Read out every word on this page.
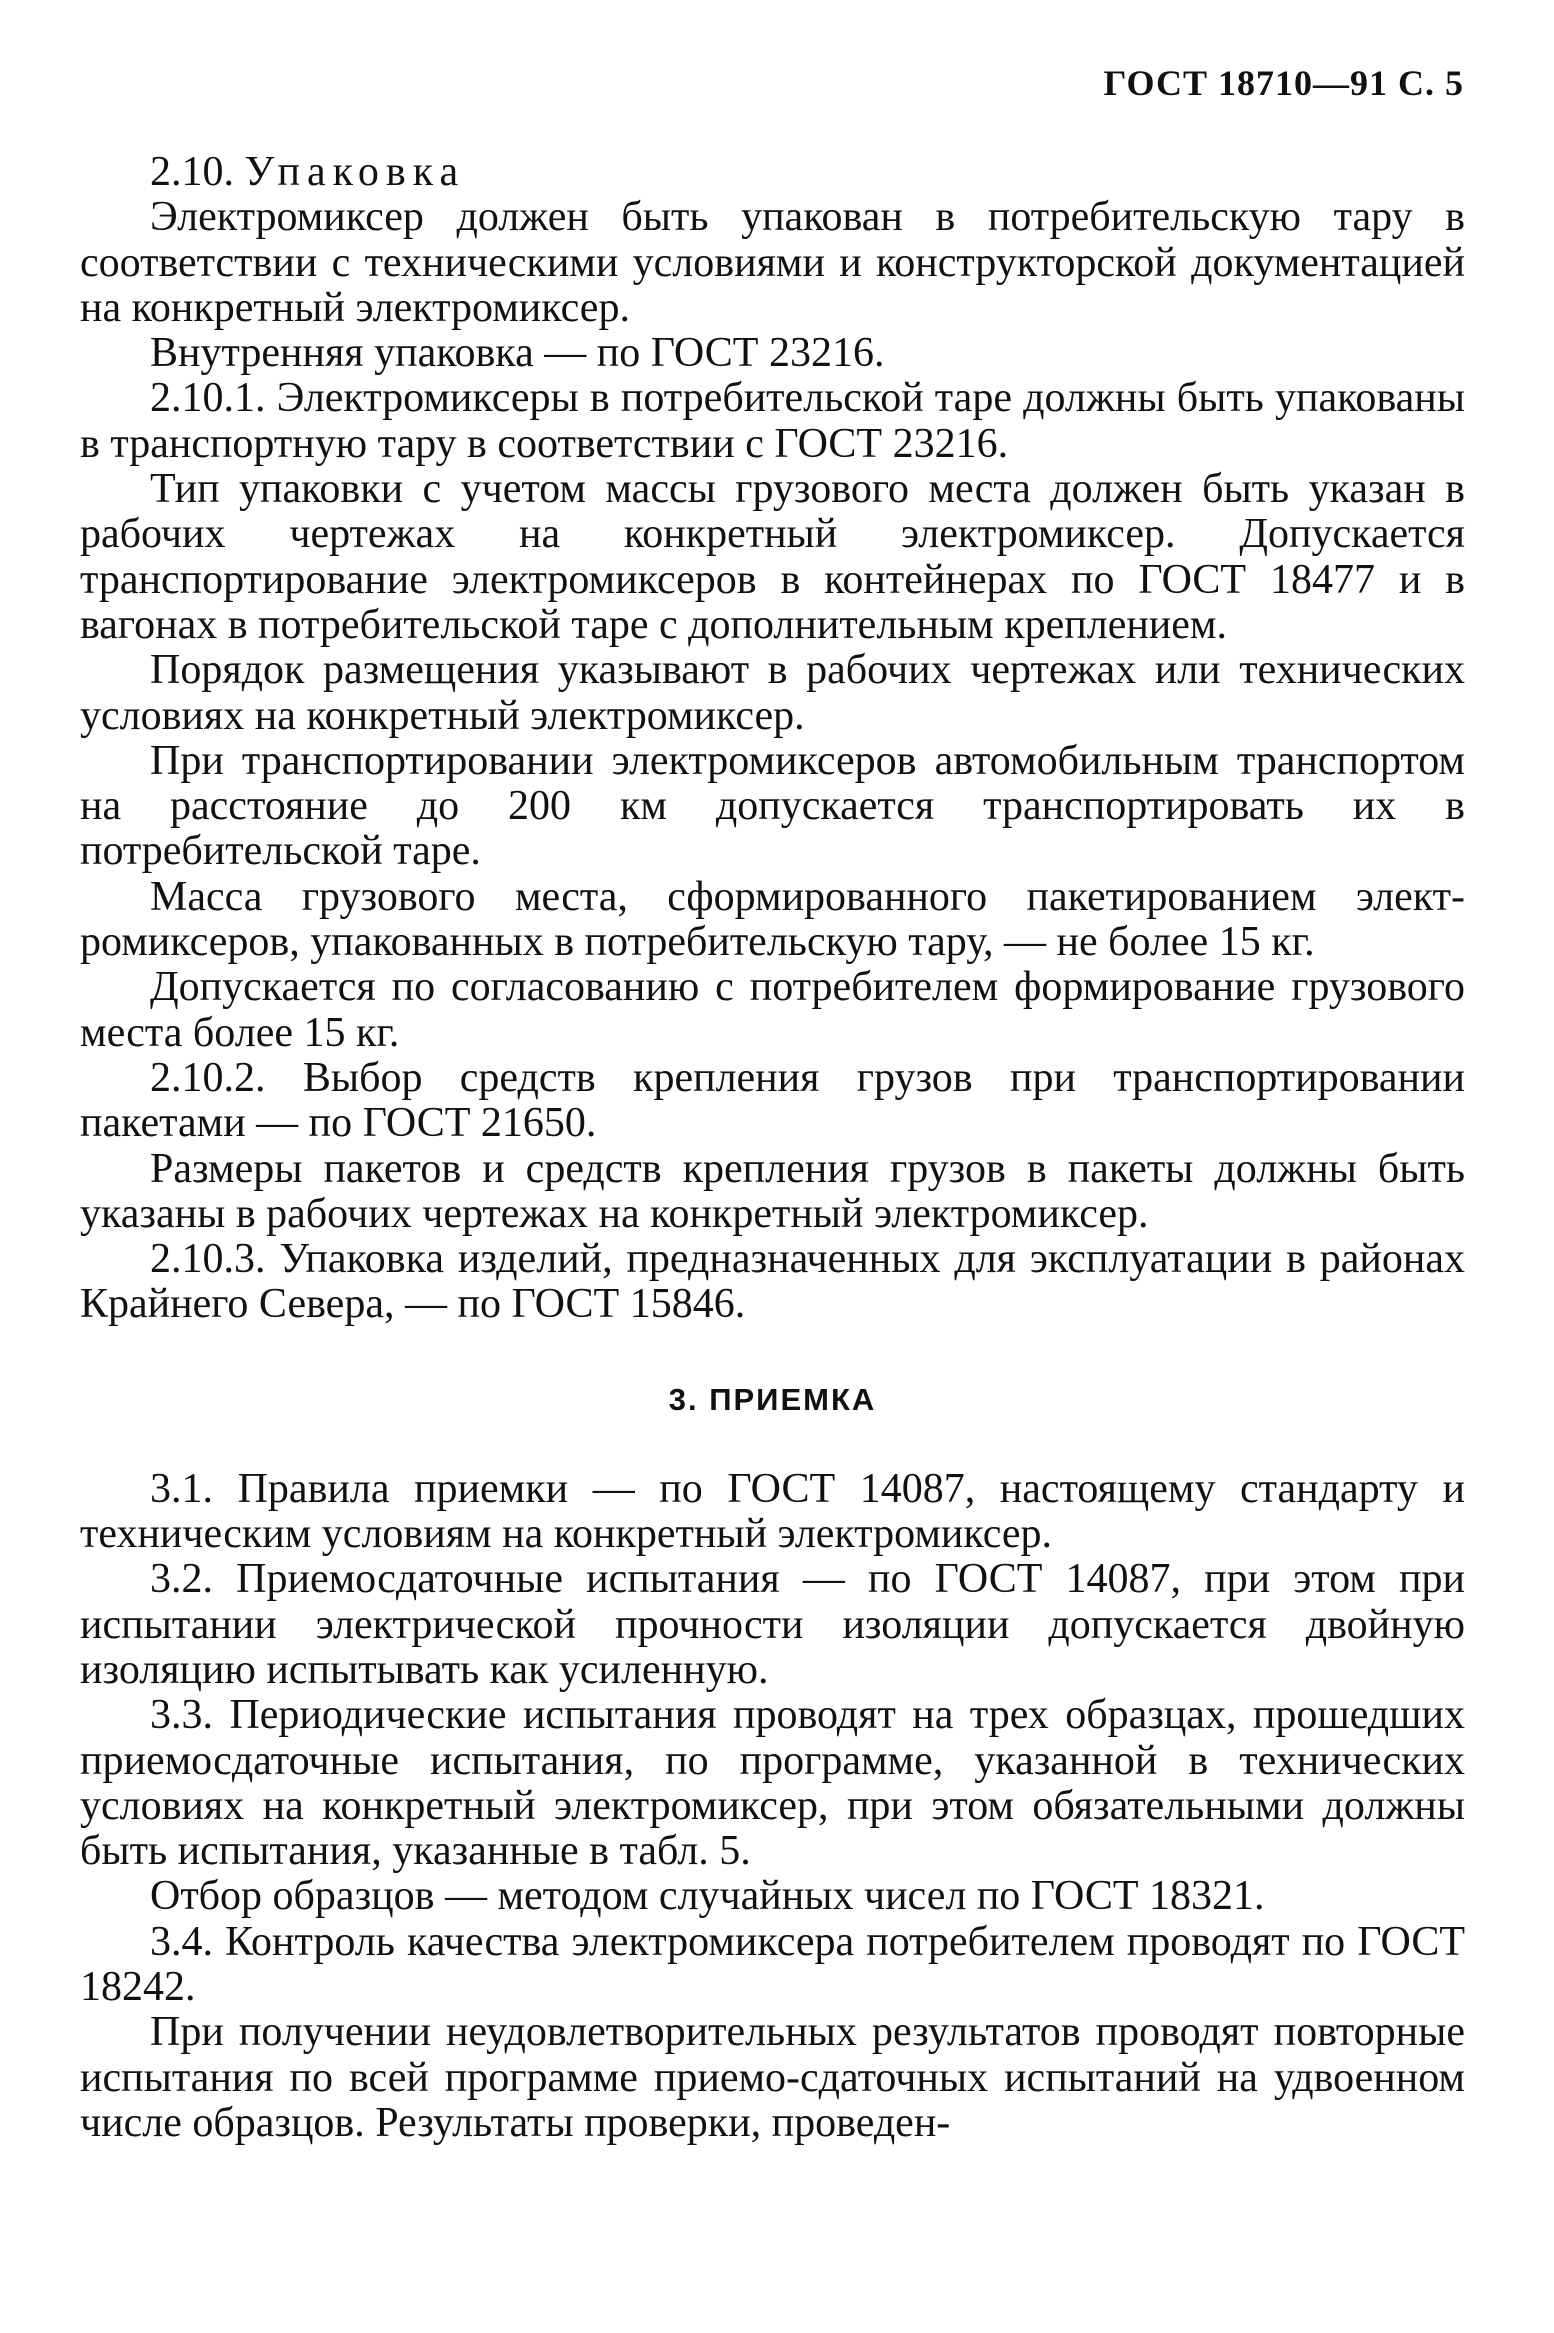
ГОСТ 18710—91 С. 5

2.10. Упаковка

Электромиксер должен быть упакован в потребительскую тару в соответствии с техническими условиями и конструкторской документацией на конкретный электромиксер.

Внутренняя упаковка — по ГОСТ 23216.

2.10.1. Электромиксеры в потребительской таре должны быть упакованы в транспортную тару в соответствии с ГОСТ 23216.

Тип упаковки с учетом массы грузового места должен быть указан в рабочих чертежах на конкретный электромиксер. Допускается транспортирование электромиксеров в контейнерах по ГОСТ 18477 и в вагонах в потребительской таре с дополнительным креплением.

Порядок размещения указывают в рабочих чертежах или технических условиях на конкретный электромиксер.

При транспортировании электромиксеров автомобильным транспортом на расстояние до 200 км допускается транспортировать их в потребительской таре.

Масса грузового места, сформированного пакетированием электромиксеров, упакованных в потребительскую тару, — не более 15 кг.

Допускается по согласованию с потребителем формирование грузового места более 15 кг.

2.10.2. Выбор средств крепления грузов при транспортировании пакетами — по ГОСТ 21650.

Размеры пакетов и средств крепления грузов в пакеты должны быть указаны в рабочих чертежах на конкретный электромиксер.

2.10.3. Упаковка изделий, предназначенных для эксплуатации в районах Крайнего Севера, — по ГОСТ 15846.

3. ПРИЕМКА

3.1. Правила приемки — по ГОСТ 14087, настоящему стандарту и техническим условиям на конкретный электромиксер.

3.2. Приемосдаточные испытания — по ГОСТ 14087, при этом при испытании электрической прочности изоляции допускается двойную изоляцию испытывать как усиленную.

3.3. Периодические испытания проводят на трех образцах, прошедших приемосдаточные испытания, по программе, указанной в технических условиях на конкретный электромиксер, при этом обязательными должны быть испытания, указанные в табл. 5.

Отбор образцов — методом случайных чисел по ГОСТ 18321.

3.4. Контроль качества электромиксера потребителем проводят по ГОСТ 18242.

При получении неудовлетворительных результатов проводят повторные испытания по всей программе приемо-сдаточных испытаний на удвоенном числе образцов. Результаты проверки, проведен-
